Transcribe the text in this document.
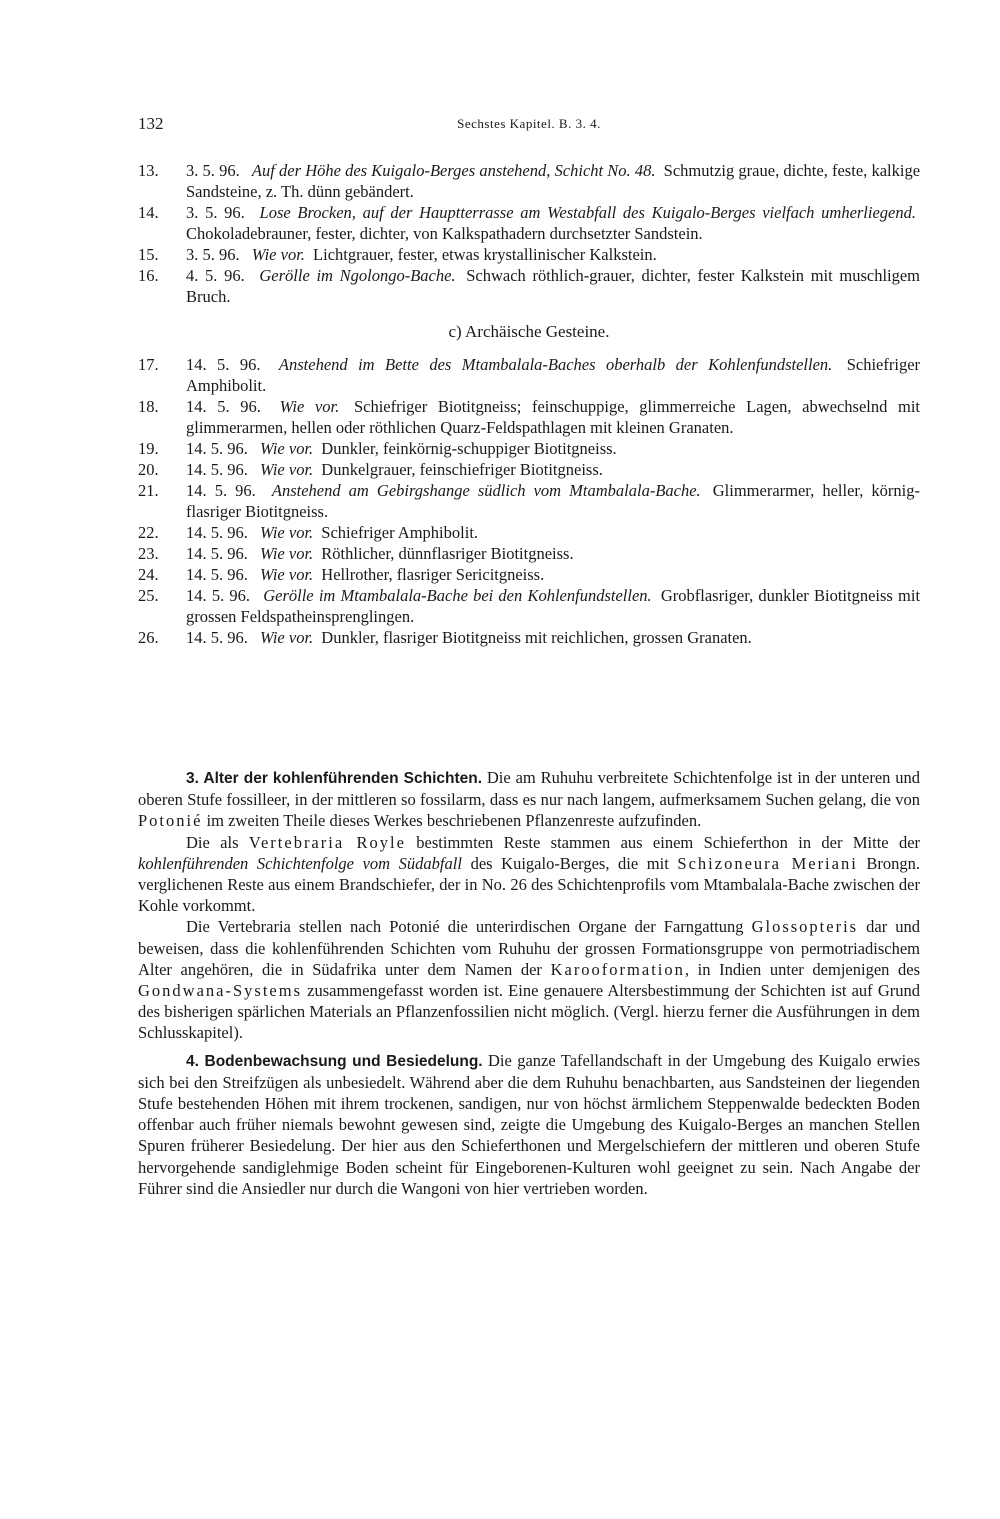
132	Sechstes Kapitel. B. 3. 4.
13.	3. 5. 96. Auf der Höhe des Kuigalo-Berges anstehend, Schicht No. 48. Schmutzig graue, dichte, feste, kalkige Sandsteine, z. Th. dünn gebändert.
14.	3. 5. 96. Lose Brocken, auf der Hauptterrasse am Westabfall des Kuigalo-Berges vielfach umherliegend. Chokoladebrauner, fester, dichter, von Kalkspathadern durchsetzter Sandstein.
15.	3. 5. 96. Wie vor. Lichtgrauer, fester, etwas krystallinischer Kalkstein.
16.	4. 5. 96. Gerölle im Ngolongo-Bache. Schwach röthlich-grauer, dichter, fester Kalkstein mit muschligem Bruch.
c) Archäische Gesteine.
17.	14. 5. 96. Anstehend im Bette des Mtambalala-Baches oberhalb der Kohlenfundstellen. Schiefriger Amphibolit.
18.	14. 5. 96. Wie vor. Schiefriger Biotitgneiss; feinschuppige, glimmerreiche Lagen, abwechselnd mit glimmerarmen, hellen oder röthlichen Quarz-Feldspathlagen mit kleinen Granaten.
19.	14. 5. 96. Wie vor. Dunkler, feinkörnig-schuppiger Biotitgneiss.
20.	14. 5. 96. Wie vor. Dunkelgrauer, feinschiefriger Biotitgneiss.
21.	14. 5. 96. Anstehend am Gebirgshange südlich vom Mtambalala-Bache. Glimmerarmer, heller, körnig-flasriger Biotitgneiss.
22.	14. 5. 96. Wie vor. Schiefriger Amphibolit.
23.	14. 5. 96. Wie vor. Röthlicher, dünnflasriger Biotitgneiss.
24.	14. 5. 96. Wie vor. Hellrother, flasriger Sericitgneiss.
25.	14. 5. 96. Gerölle im Mtambalala-Bache bei den Kohlenfundstellen. Grobflasriger, dunkler Biotitgneiss mit grossen Feldspatheinsprenglingen.
26.	14. 5. 96. Wie vor. Dunkler, flasriger Biotitgneiss mit reichlichen, grossen Granaten.

3. Alter der kohlenführenden Schichten. Die am Ruhuhu verbreitete Schichtenfolge ist in der unteren und oberen Stufe fossilleer, in der mittleren so fossilarm, dass es nur nach langem, aufmerksamem Suchen gelang, die von Potonié im zweiten Theile dieses Werkes beschriebenen Pflanzenreste aufzufinden.

Die als Vertebraria Royle bestimmten Reste stammen aus einem Schieferthon in der Mitte der kohlenführenden Schichtenfolge vom Südabfall des Kuigalo-Berges, die mit Schizoneura Meriani Brongn. verglichenen Reste aus einem Brandschiefer, der in No. 26 des Schichtenprofils vom Mtambalala-Bache zwischen der Kohle vorkommt.

Die Vertebraria stellen nach Potonié die unterirdischen Organe der Farngattung Glossopteris dar und beweisen, dass die kohlenführenden Schichten vom Ruhuhu der grossen Formationsgruppe von permotriadischem Alter angehören, die in Südafrika unter dem Namen der Karooformation, in Indien unter demjenigen des Gondwana-Systems zusammengefasst worden ist. Eine genauere Altersbestimmung der Schichten ist auf Grund des bisherigen spärlichen Materials an Pflanzenfossilien nicht möglich. (Vergl. hierzu ferner die Ausführungen in dem Schlusskapitel).

4. Bodenbewachsung und Besiedelung. Die ganze Tafellandschaft in der Umgebung des Kuigalo erwies sich bei den Streifzügen als unbesiedelt. Während aber die dem Ruhuhu benachbarten, aus Sandsteinen der liegenden Stufe bestehenden Höhen mit ihrem trockenen, sandigen, nur von höchst ärmlichem Steppenwalde bedeckten Boden offenbar auch früher niemals bewohnt gewesen sind, zeigte die Umgebung des Kuigalo-Berges an manchen Stellen Spuren früherer Besiedelung. Der hier aus den Schieferthonen und Mergelschiefern der mittleren und oberen Stufe hervorgehende sandiglehmige Boden scheint für Eingeborenen-Kulturen wohl geeignet zu sein. Nach Angabe der Führer sind die Ansiedler nur durch die Wangoni von hier vertrieben worden.
